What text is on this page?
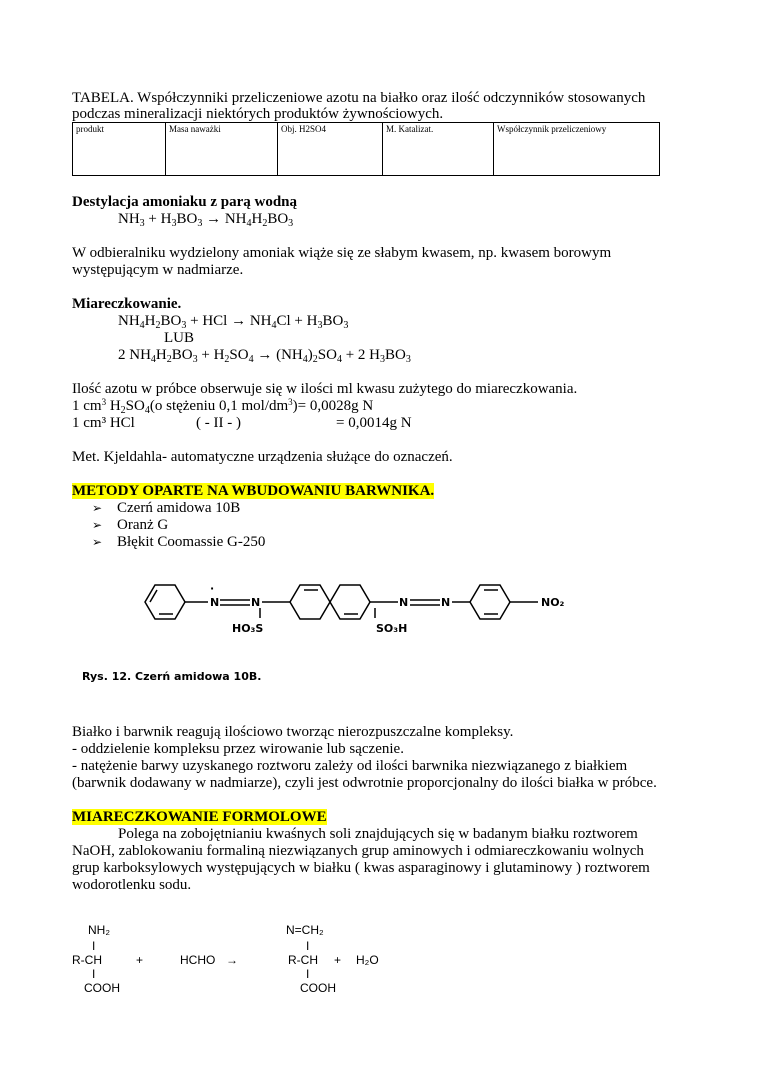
TABELA. Współczynniki przeliczeniowe azotu na białko oraz ilość odczynników stosowanych
podczas mineralizacji niektórych produktów żywnościowych.
produkt	Masa naważki	Obj. H2SO4	M. Katalizat.	Współczynnik przeliczeniowy
Destylacja amoniaku z parą wodną
$NH_3 + H_3BO_3 \to NH_4H_2BO_3$
W odbieralniku wydzielony amoniak wiąże się ze słabym kwasem, np. kwasem borowym
występującym w nadmiarze.
Miareczkowanie.
$NH_4H_2BO_3$ + HCl → $NH_4Cl + H_3BO_3$
LUB
2 $NH_4H_2BO_3 + H_2SO_4 \to (NH_4)_2SO_4 + 2$ $H_3BO_3$
Ilość azotu w próbce obserwuje się w ilości ml kwasu zużytego do miareczkowania.
1 $cm^3$ $H_2SO_4(o$ stężeniu 0,1 mol/$dm^3)= 0,0028g$ N
1 cm³ HCl	( - II - )	= 0,0014g N
Met. Kjeldahla- automatyczne urządzenia służące do oznaczeń.
METODY OPARTE NA WBUDOWANIU BARWNIKA.
➢ Czerń amidowa 10B
➢ Oranż G
➢ Błękit Coomassie G-250
N	N	N	N	NO₂
HO₃S	SO₃H
·
Rys. 12. Czerń amidowa 10B.
Białko i barwnik reagują ilościowo tworząc nierozpuszczalne kompleksy.
- oddzielenie kompleksu przez wirowanie lub sączenie.
- natężenie barwy uzyskanego roztworu zależy od ilości barwnika niezwiązanego z białkiem
(barwnik dodawany w nadmiarze), czyli jest odwrotnie proporcjonalny do ilości białka w próbce.
MIARECZKOWANIE FORMOLOWE
Polega na zobojętnianiu kwaśnych soli znajdujących się w badanym białku roztworem
NaOH, zablokowaniu formaliną niezwiązanych grup aminowych i odmiareczkowaniu wolnych
grup karboksylowych występujących w białku ( kwas asparaginowy i glutaminowy ) roztworem
wodorotlenku sodu.
NH₂
I
R-CH
I
COOH
+	HCHO →
N=CH₂
I
R-CH + H₂O
I
COOH
